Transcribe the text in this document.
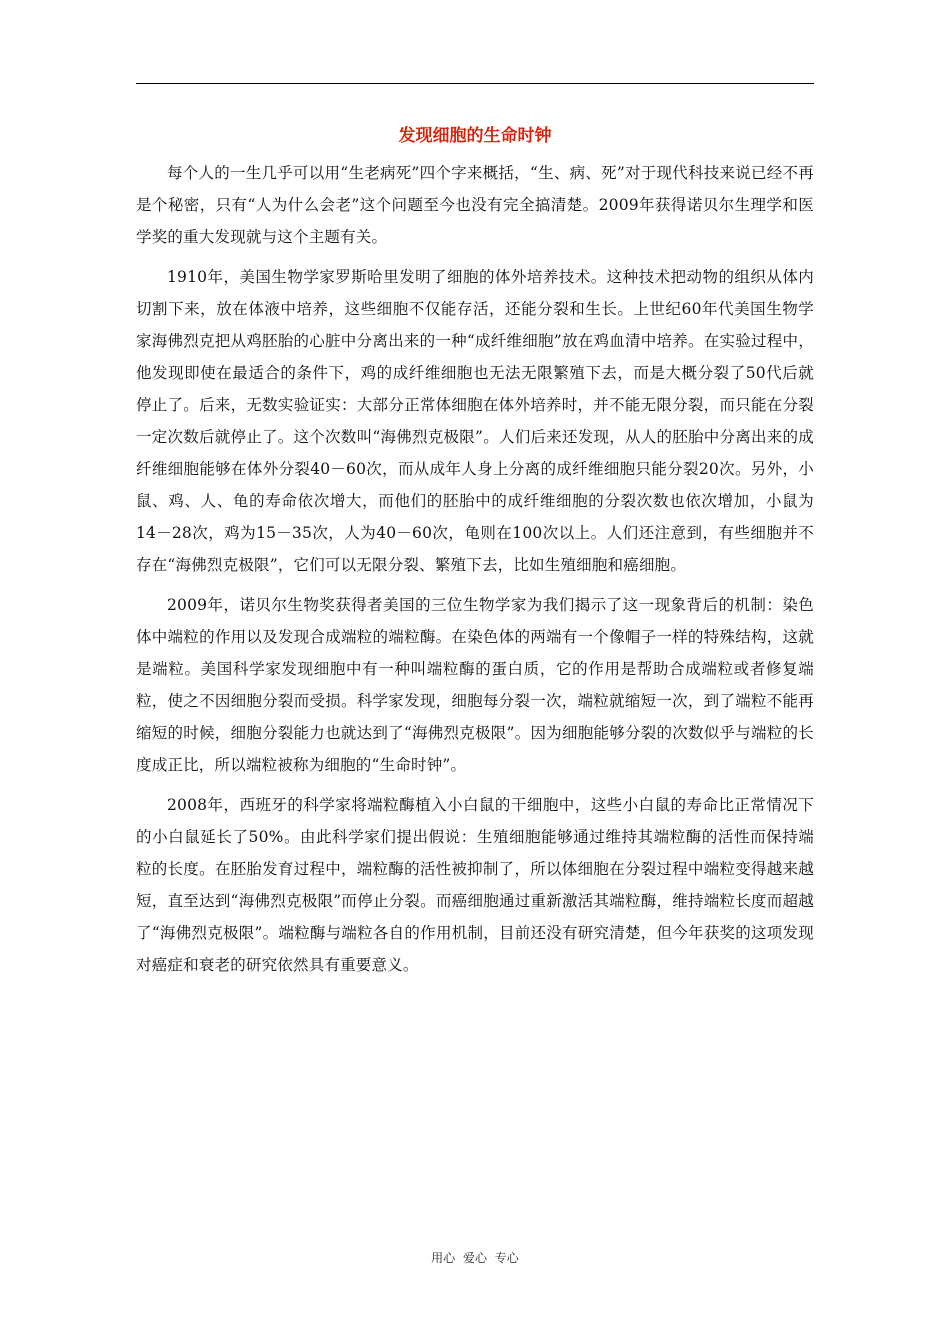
发现细胞的生命时钟

每个人的一生几乎可以用“生老病死”四个字来概括，“生、病、死”对于现代科技来说已经不再是个秘密，只有“人为什么会老”这个问题至今也没有完全搞清楚。2009年获得诺贝尔生理学和医学奖的重大发现就与这个主题有关。

1910年，美国生物学家罗斯哈里发明了细胞的体外培养技术。这种技术把动物的组织从体内切割下来，放在体液中培养，这些细胞不仅能存活，还能分裂和生长。上世纪60年代美国生物学家海佛烈克把从鸡胚胎的心脏中分离出来的一种“成纤维细胞”放在鸡血清中培养。在实验过程中，他发现即使在最适合的条件下，鸡的成纤维细胞也无法无限繁殖下去，而是大概分裂了50代后就停止了。后来，无数实验证实：大部分正常体细胞在体外培养时，并不能无限分裂，而只能在分裂一定次数后就停止了。这个次数叫“海佛烈克极限”。人们后来还发现，从人的胚胎中分离出来的成纤维细胞能够在体外分裂40－60次，而从成年人身上分离的成纤维细胞只能分裂20次。另外，小鼠、鸡、人、龟的寿命依次增大，而他们的胚胎中的成纤维细胞的分裂次数也依次增加，小鼠为14－28次，鸡为15－35次，人为40－60次，龟则在100次以上。人们还注意到，有些细胞并不存在“海佛烈克极限”，它们可以无限分裂、繁殖下去，比如生殖细胞和癌细胞。

2009年，诺贝尔生物奖获得者美国的三位生物学家为我们揭示了这一现象背后的机制：染色体中端粒的作用以及发现合成端粒的端粒酶。在染色体的两端有一个像帽子一样的特殊结构，这就是端粒。美国科学家发现细胞中有一种叫端粒酶的蛋白质，它的作用是帮助合成端粒或者修复端粒，使之不因细胞分裂而受损。科学家发现，细胞每分裂一次，端粒就缩短一次，到了端粒不能再缩短的时候，细胞分裂能力也就达到了“海佛烈克极限”。因为细胞能够分裂的次数似乎与端粒的长度成正比，所以端粒被称为细胞的“生命时钟”。

2008年，西班牙的科学家将端粒酶植入小白鼠的干细胞中，这些小白鼠的寿命比正常情况下的小白鼠延长了50%。由此科学家们提出假说：生殖细胞能够通过维持其端粒酶的活性而保持端粒的长度。在胚胎发育过程中，端粒酶的活性被抑制了，所以体细胞在分裂过程中端粒变得越来越短，直至达到“海佛烈克极限”而停止分裂。而癌细胞通过重新激活其端粒酶，维持端粒长度而超越了“海佛烈克极限”。端粒酶与端粒各自的作用机制，目前还没有研究清楚，但今年获奖的这项发现对癌症和衰老的研究依然具有重要意义。

用心 爱心 专心
